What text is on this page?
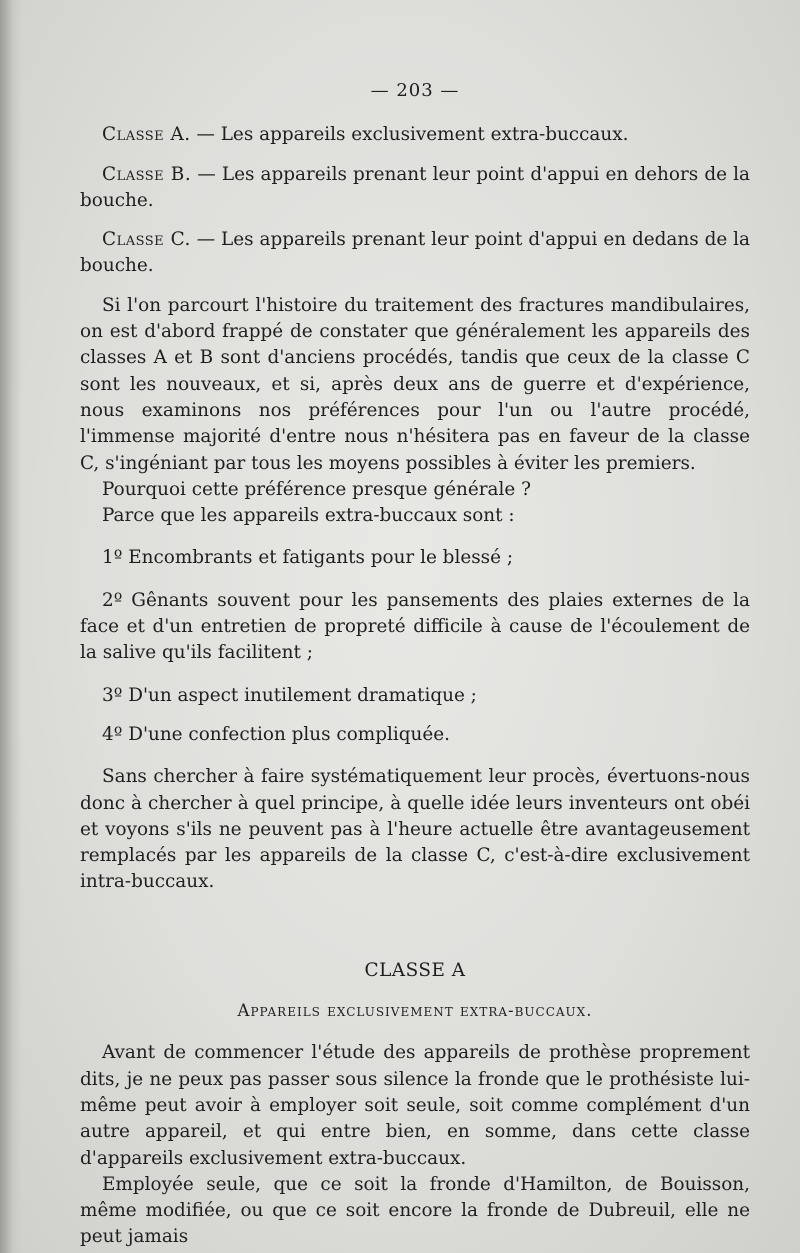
— 203 —

Classe A. — Les appareils exclusivement extra-buccaux.

Classe B. — Les appareils prenant leur point d'appui en dehors de la bouche.

Classe C. — Les appareils prenant leur point d'appui en dedans de la bouche.

Si l'on parcourt l'histoire du traitement des fractures mandibulaires, on est d'abord frappé de constater que généralement les appareils des classes A et B sont d'anciens procédés, tandis que ceux de la classe C sont les nouveaux, et si, après deux ans de guerre et d'expérience, nous examinons nos préférences pour l'un ou l'autre procédé, l'immense majorité d'entre nous n'hésitera pas en faveur de la classe C, s'ingéniant par tous les moyens possibles à éviter les premiers.

Pourquoi cette préférence presque générale ?

Parce que les appareils extra-buccaux sont :

1º Encombrants et fatigants pour le blessé ;

2º Gênants souvent pour les pansements des plaies externes de la face et d'un entretien de propreté difficile à cause de l'écoulement de la salive qu'ils facilitent ;

3º D'un aspect inutilement dramatique ;

4º D'une confection plus compliquée.

Sans chercher à faire systématiquement leur procès, évertuons-nous donc à chercher à quel principe, à quelle idée leurs inventeurs ont obéi et voyons s'ils ne peuvent pas à l'heure actuelle être avantageusement remplacés par les appareils de la classe C, c'est-à-dire exclusivement intra-buccaux.

CLASSE A
Appareils exclusivement extra-buccaux.

Avant de commencer l'étude des appareils de prothèse proprement dits, je ne peux pas passer sous silence la fronde que le prothésiste lui-même peut avoir à employer soit seule, soit comme complément d'un autre appareil, et qui entre bien, en somme, dans cette classe d'appareils exclusivement extra-buccaux.

Employée seule, que ce soit la fronde d'Hamilton, de Bouisson, même modifiée, ou que ce soit encore la fronde de Dubreuil, elle ne peut jamais
